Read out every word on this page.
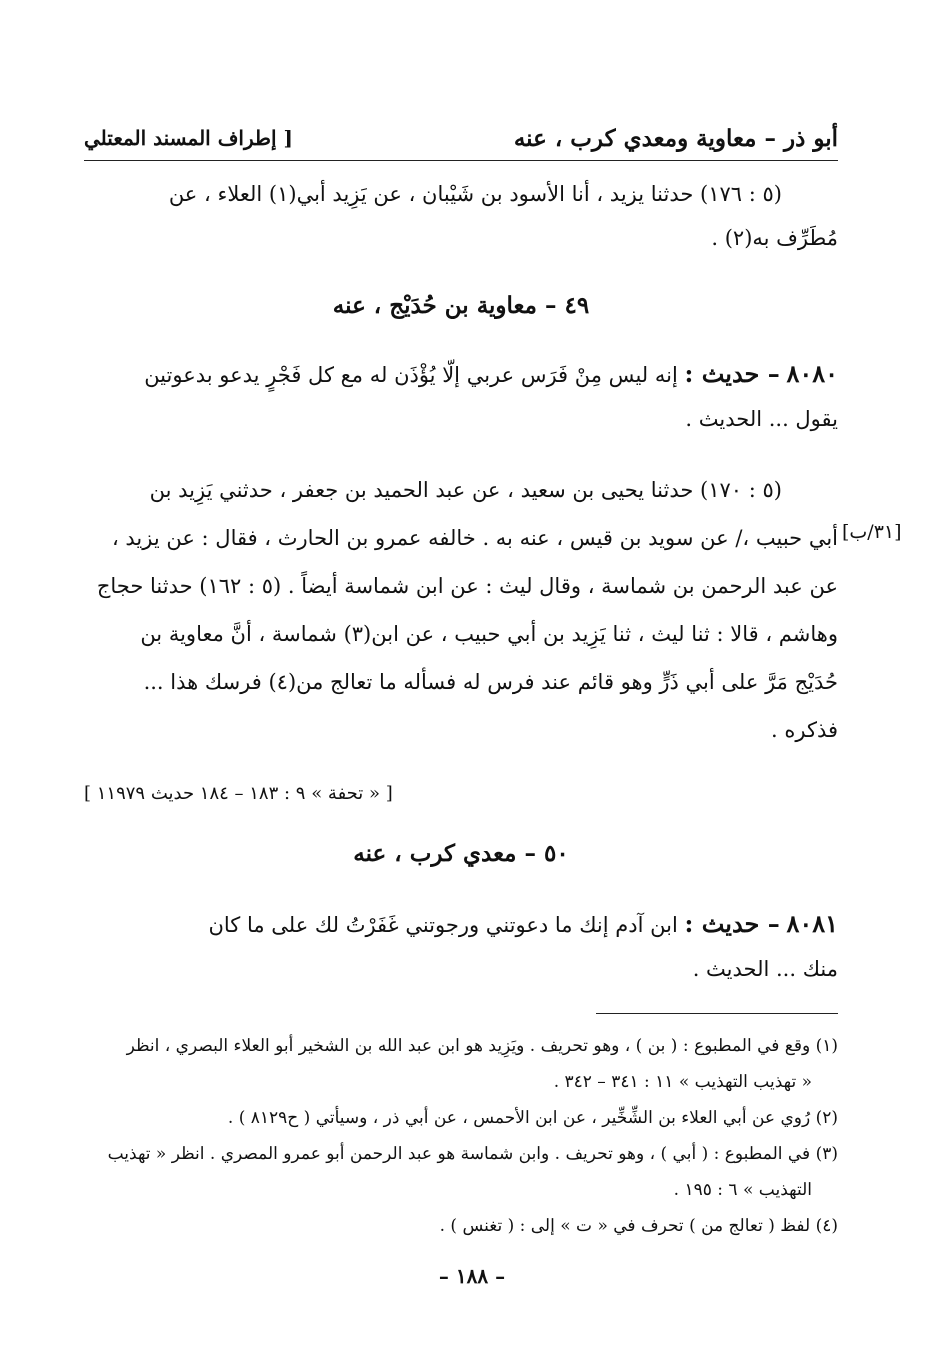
أبو ذر – معاوية ومعدي كرب ، عنه
[ إطراف المسند المعتلي

(٥ : ١٧٦) حدثنا يزيد ، أنا الأسود بن شَيْبان ، عن يَزِيد أبي(١) العلاء ، عن

مُطَرِّف به(٢) .

٤٩ – معاوية بن حُدَيْج ، عنه

٨٠٨٠ – حديث : إنه ليس مِنْ فَرَس عربي إلّا يُؤْذَن له مع كل فَجْرٍ يدعو بدعوتين

يقول ... الحديث .

(٥ : ١٧٠) حدثنا يحيى بن سعيد ، عن عبد الحميد بن جعفر ، حدثني يَزِيد بن

أبي حبيب ،/ عن سويد بن قيس ، عنه به . خالفه عمرو بن الحارث ، فقال : عن يزيد ،

عن عبد الرحمن بن شماسة ، وقال ليث : عن ابن شماسة أيضاً . (٥ : ١٦٢) حدثنا حجاج

وهاشم ، قالا : ثنا ليث ، ثنا يَزِيد بن أبي حبيب ، عن ابن(٣) شماسة ، أنَّ معاوية بن

حُدَيْج مَرَّ على أبي ذَرٍّ وهو قائم عند فرس له فسأله ما تعالج من(٤) فرسك هذا ...

فذكره .

[٣١/ب]
[ « تحفة » ٩ : ١٨٣ – ١٨٤ حديث ١١٩٧٩ ]
٥٠ – معدي كرب ، عنه

٨٠٨١ – حديث : ابن آدم إنك ما دعوتني ورجوتني غَفَرْتُ لك على ما كان

منك ... الحديث .

(١) وقع في المطبوع : ( بن ) ، وهو تحريف . ويَزِيد هو ابن عبد الله بن الشخير أبو العلاء البصري ، انظر

« تهذيب التهذيب » ١١ : ٣٤١ – ٣٤٢ .

(٢) رُوي عن أبي العلاء بن الشِّخِّير ، عن ابن الأحمس ، عن أبي ذر ، وسيأتي ( ح٨١٢٩ ) .

(٣) في المطبوع : ( أبي ) ، وهو تحريف . وابن شماسة هو عبد الرحمن أبو عمرو المصري . انظر « تهذيب

التهذيب » ٦ : ١٩٥ .

(٤) لفظ ( تعالج من ) تحرف في « ت » إلى : ( تغنس ) .

– ١٨٨ –
